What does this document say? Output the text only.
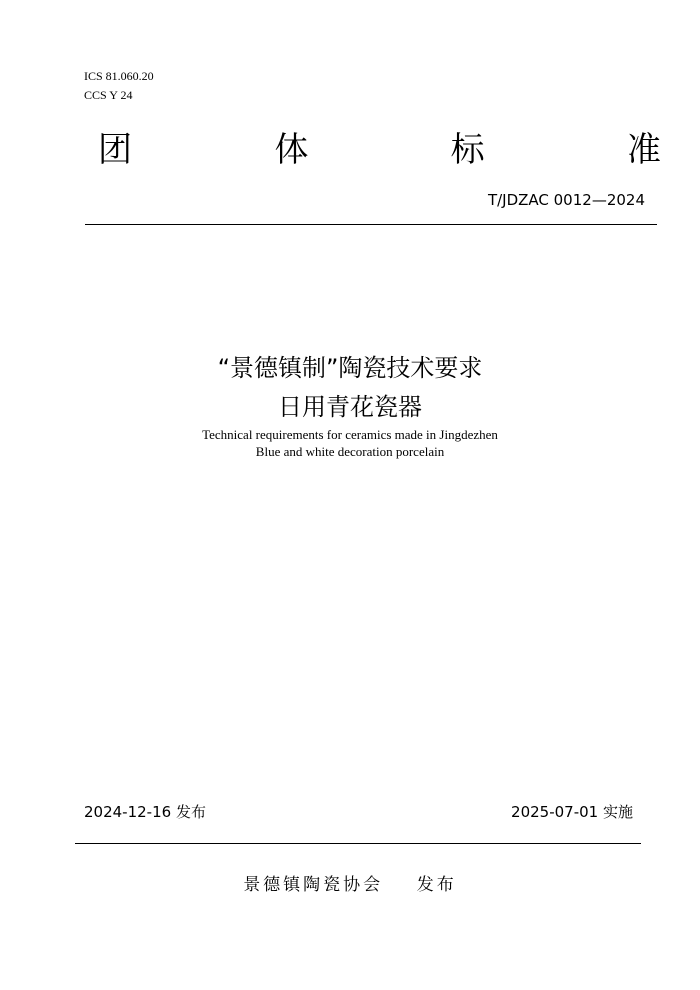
ICS 81.060.20
CCS Y 24
团	体	标	准
T/JDZAC 0012—2024
“景德镇制”陶瓷技术要求
日用青花瓷器
Technical requirements for ceramics made in Jingdezhen
Blue and white decoration porcelain
2024-12-16 发布	2025-07-01 实施
景德镇陶瓷协会    发布
